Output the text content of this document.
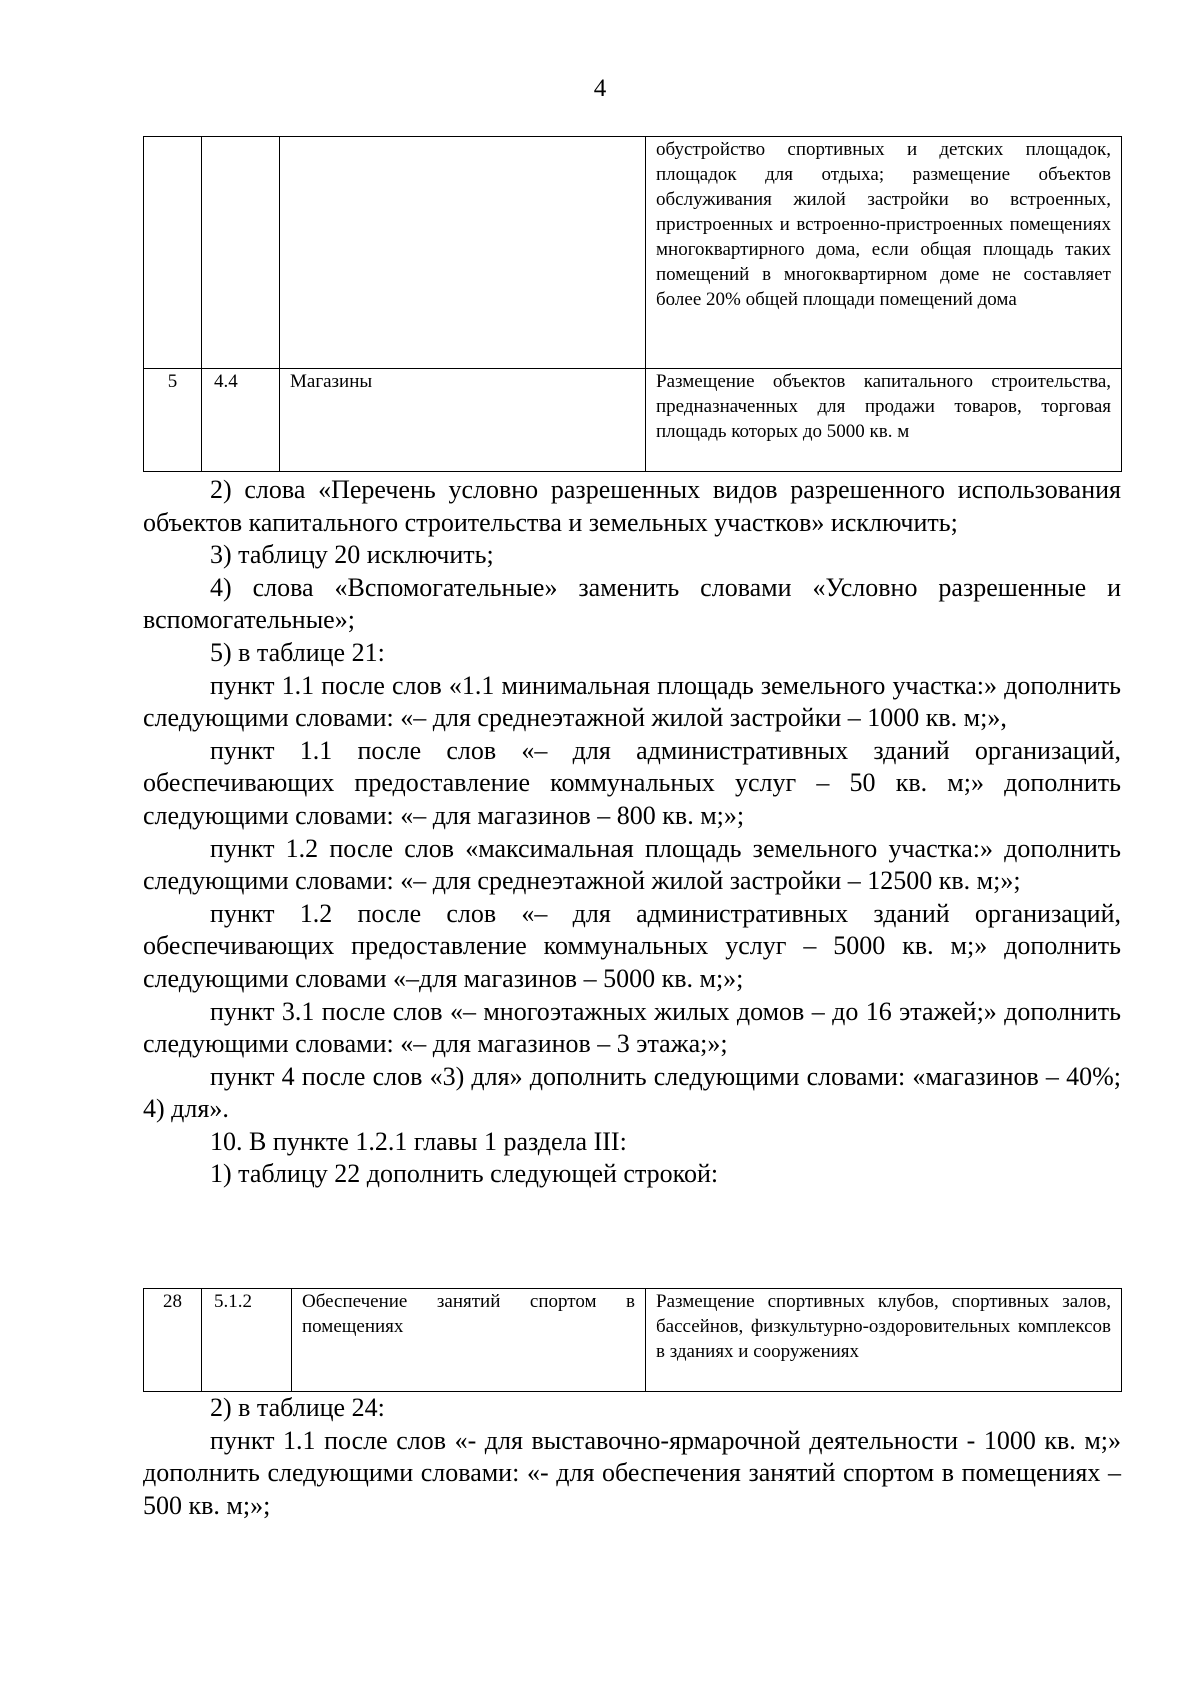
4
			обустройство спортивных и детских площадок, площадок для отдыха; размещение объектов обслуживания жилой застройки во встроенных, пристроенных и встроенно-пристроенных помещениях многоквартирного дома, если общая площадь таких помещений в многоквартирном доме не составляет более 20% общей площади помещений дома
5	4.4	Магазины	Размещение объектов капитального строительства, предназначенных для продажи товаров, торговая площадь которых до 5000 кв. м

2) слова «Перечень условно разрешенных видов разрешенного использования объектов капитального строительства и земельных участков» исключить;

3) таблицу 20 исключить;

4) слова «Вспомогательные» заменить словами «Условно разрешенные и вспомогательные»;

5) в таблице 21:

пункт 1.1 после слов «1.1 минимальная площадь земельного участка:» дополнить следующими словами: «– для среднеэтажной жилой застройки – 1000 кв. м;»,

пункт 1.1 после слов «– для административных зданий организаций, обеспечивающих предоставление коммунальных услуг – 50 кв. м;» дополнить следующими словами: «– для магазинов – 800 кв. м;»;

пункт 1.2 после слов «максимальная площадь земельного участка:» дополнить следующими словами: «– для среднеэтажной жилой застройки – 12500 кв. м;»;

пункт 1.2 после слов «– для административных зданий организаций, обеспечивающих предоставление коммунальных услуг – 5000 кв. м;» дополнить следующими словами «–для магазинов – 5000 кв. м;»;

пункт 3.1 после слов «– многоэтажных жилых домов – до 16 этажей;» дополнить следующими словами: «– для магазинов – 3 этажа;»;

пункт 4 после слов «3) для» дополнить следующими словами: «магазинов – 40%; 4) для».

10. В пункте 1.2.1 главы 1 раздела III:

1) таблицу 22 дополнить следующей строкой:

28	5.1.2	Обеспечение занятий спортом в помещениях	Размещение спортивных клубов, спортивных залов, бассейнов, физкультурно-оздоровительных комплексов в зданиях и сооружениях

2) в таблице 24:

пункт 1.1 после слов «- для выставочно-ярмарочной деятельности - 1000 кв. м;» дополнить следующими словами: «- для обеспечения занятий спортом в помещениях – 500 кв. м;»;
